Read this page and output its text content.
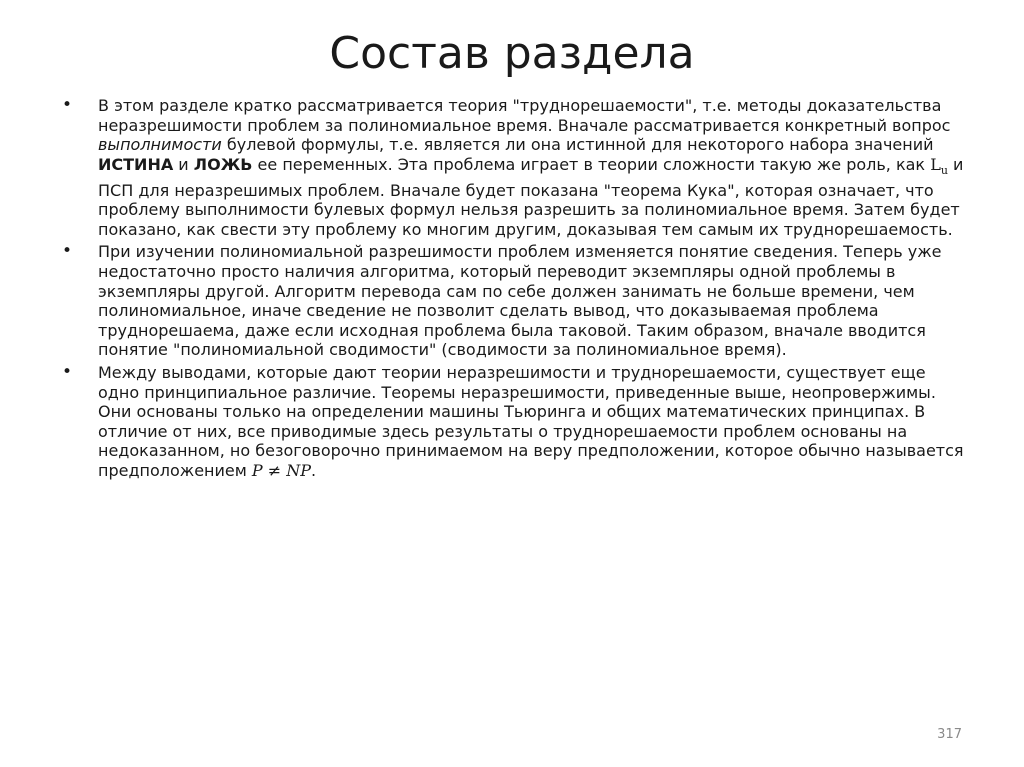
Состав раздела
•	В этом разделе кратко рассматривается теория "труднорешаемости", т.е. методы доказательства неразрешимости проблем за полиномиальное время. Вначале рассматривается конкретный вопрос выполнимости булевой формулы, т.е. является ли она истинной для некоторого набора значений ИСТИНА и ЛОЖЬ ее переменных. Эта проблема играет в теории сложности такую же роль, как $L_u$ и ПСП для неразрешимых проблем. Вначале будет показана "теорема Кука", которая означает, что проблему выполнимости булевых формул нельзя разрешить за полиномиальное время. Затем будет показано, как свести эту проблему ко многим другим, доказывая тем самым их труднорешаемость.
•	При изучении полиномиальной разрешимости проблем изменяется понятие сведения. Теперь уже недостаточно просто наличия алгоритма, который переводит экземпляры одной проблемы в экземпляры другой. Алгоритм перевода сам по себе должен занимать не больше времени, чем полиномиальное, иначе сведение не позволит сделать вывод, что доказываемая проблема труднорешаема, даже если исходная проблема была таковой. Таким образом, вначале вводится понятие "полиномиальной сводимости" (сводимости за полиномиальное время).
•	Между выводами, которые дают теории неразрешимости и труднорешаемости, существует еще одно принципиальное различие. Теоремы неразрешимости, приведенные выше, неопровержимы. Они основаны только на определении машины Тьюринга и общих математических принципах. В отличие от них, все приводимые здесь результаты о труднорешаемости проблем основаны на недоказанном, но безоговорочно принимаемом на веру предположении, которое обычно называется предположением P ≠ NP.
317
